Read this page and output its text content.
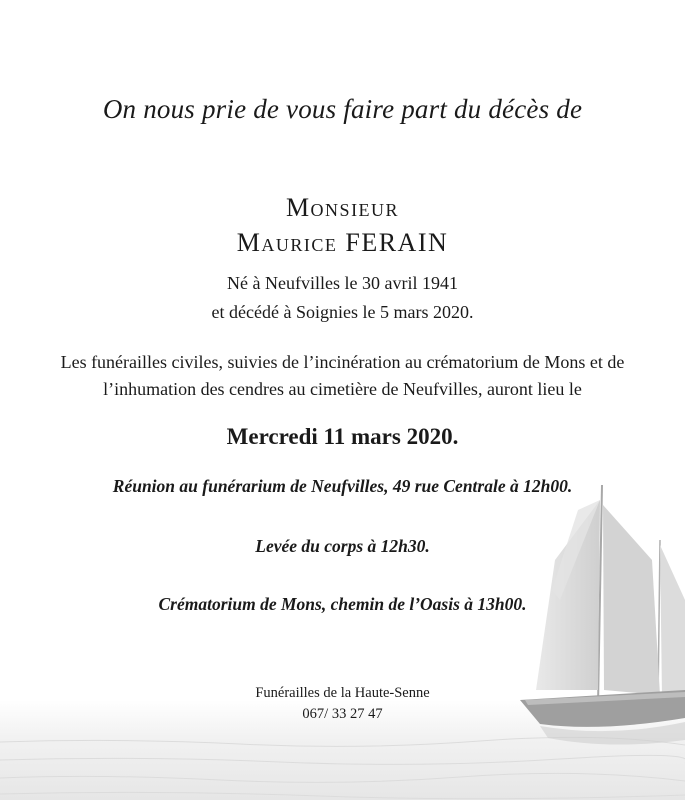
On nous prie de vous faire part du décès de
Monsieur
Maurice FERAIN
Né à Neufvilles le 30 avril 1941
et décédé à Soignies le 5 mars 2020.
Les funérailles civiles, suivies de l’incinération au crématorium de Mons et de
l’inhumation des cendres au cimetière de Neufvilles, auront lieu le
Mercredi 11 mars 2020.
Réunion au funérarium de Neufvilles, 49 rue Centrale à 12h00.
Levée du corps à 12h30.
Crématorium de Mons, chemin de l’Oasis à 13h00.
Funérailles de la Haute-Senne
067/ 33 27 47
